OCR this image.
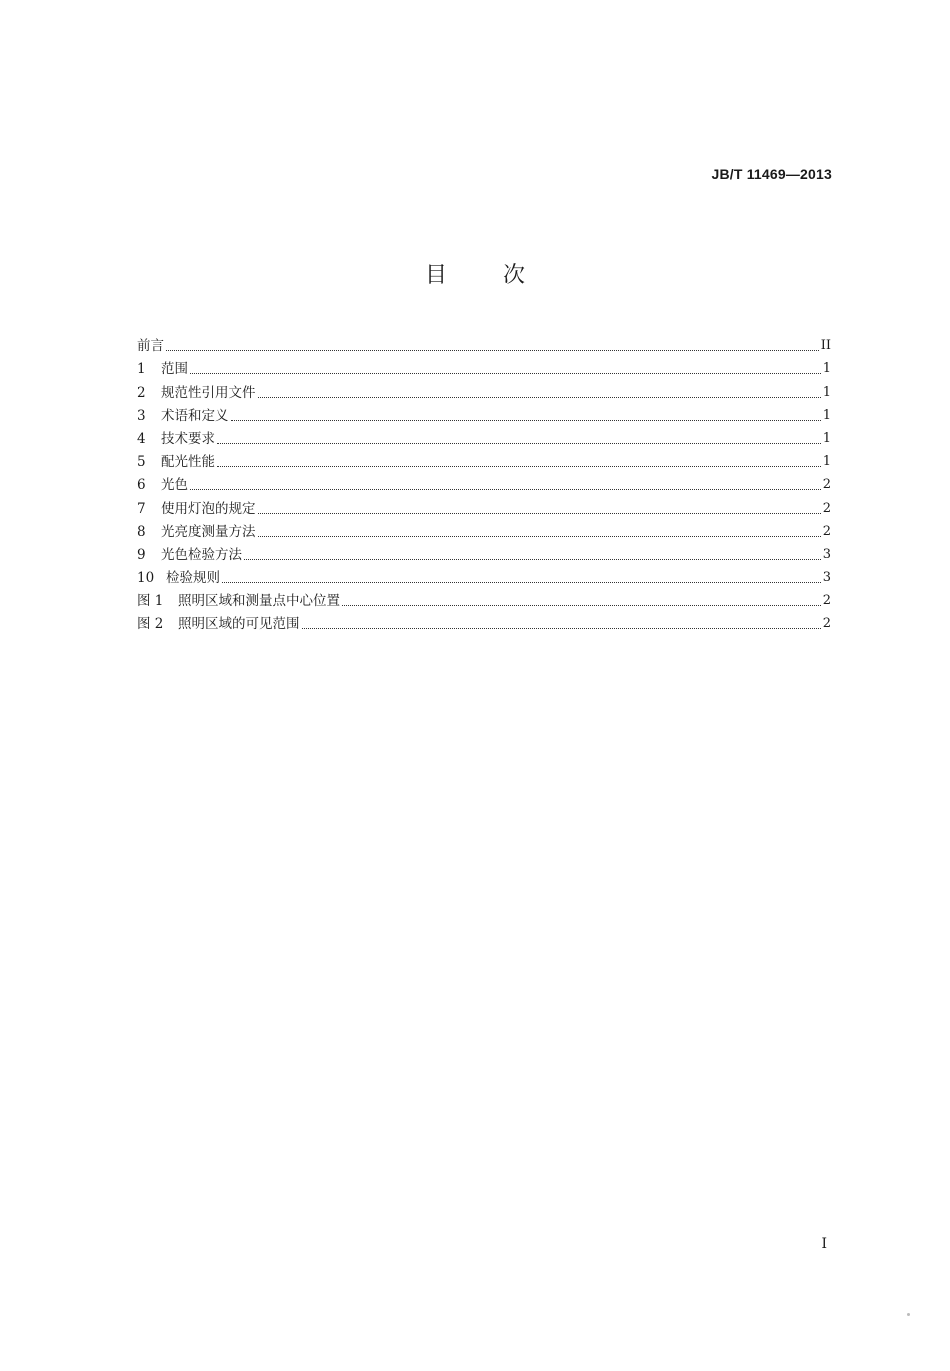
JB/T 11469—2013
目	次
前言	II
1	范围	1
2	规范性引用文件	1
3	术语和定义	1
4	技术要求	1
5	配光性能	1
6	光色	2
7	使用灯泡的规定	2
8	光亮度测量方法	2
9	光色检验方法	3
10 检验规则	3
图 1	照明区域和测量点中心位置	2
图 2	照明区域的可见范围	2
I
